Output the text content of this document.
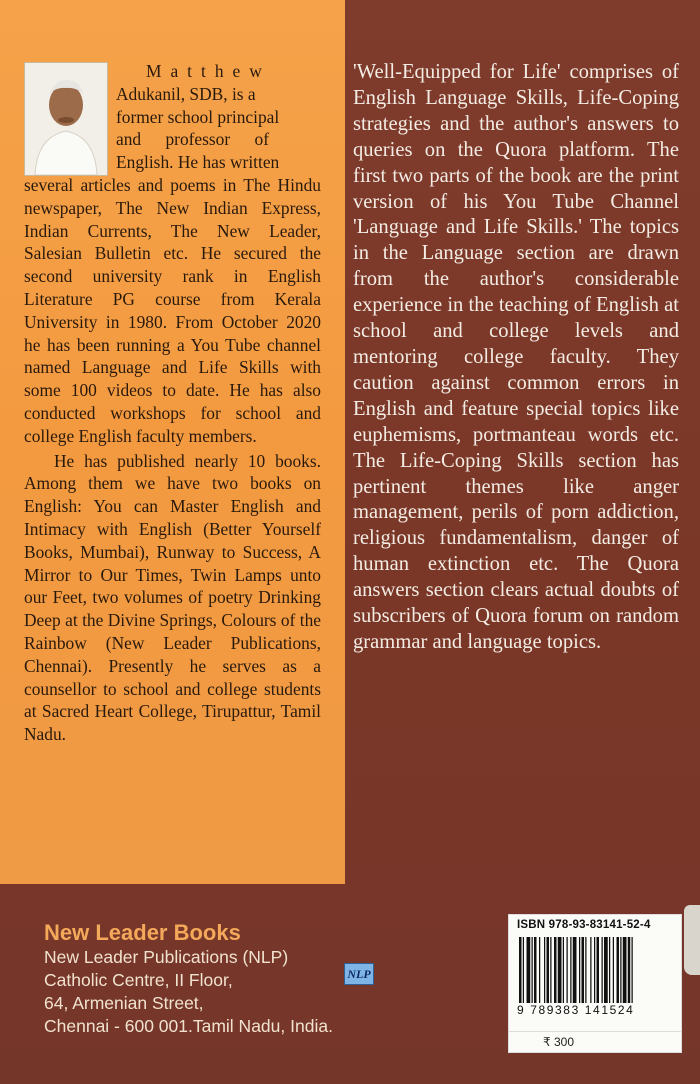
Matthew

Adukanil, SDB, is a
former school principal
and professor of
English. He has written

several articles and poems in The Hindu newspaper, The New Indian Express, Indian Currents, The New Leader, Salesian Bulletin etc. He secured the second university rank in English Literature PG course from Kerala University in 1980. From October 2020 he has been running a You Tube channel named Language and Life Skills with some 100 videos to date. He has also conducted workshops for school and college English faculty members.

He has published nearly 10 books. Among them we have two books on English: You can Master English and Intimacy with English (Better Yourself Books, Mumbai), Runway to Success, A Mirror to Our Times, Twin Lamps unto our Feet, two volumes of poetry Drinking Deep at the Divine Springs, Colours of the Rainbow (New Leader Publications, Chennai). Presently he serves as a counsellor to school and college students at Sacred Heart College, Tirupattur, Tamil Nadu.

'Well-Equipped for Life' comprises of English Language Skills, Life-Coping strategies and the author's answers to queries on the Quora platform. The first two parts of the book are the print version of his You Tube Channel 'Language and Life Skills.' The topics in the Language section are drawn from the author's considerable experience in the teaching of English at school and college levels and mentoring college faculty. They caution against common errors in English and feature special topics like euphemisms, portmanteau words etc. The Life-Coping Skills section has pertinent themes like anger management, perils of porn addiction, religious fundamentalism, danger of human extinction etc. The Quora answers section clears actual doubts of subscribers of Quora forum on random grammar and language topics.

New Leader Books
New Leader Publications (NLP)
Catholic Centre, II Floor,
64, Armenian Street,
Chennai - 600 001.Tamil Nadu, India.
NLP
ISBN 978-93-83141-52-4
9 789383 141524
₹ 300
